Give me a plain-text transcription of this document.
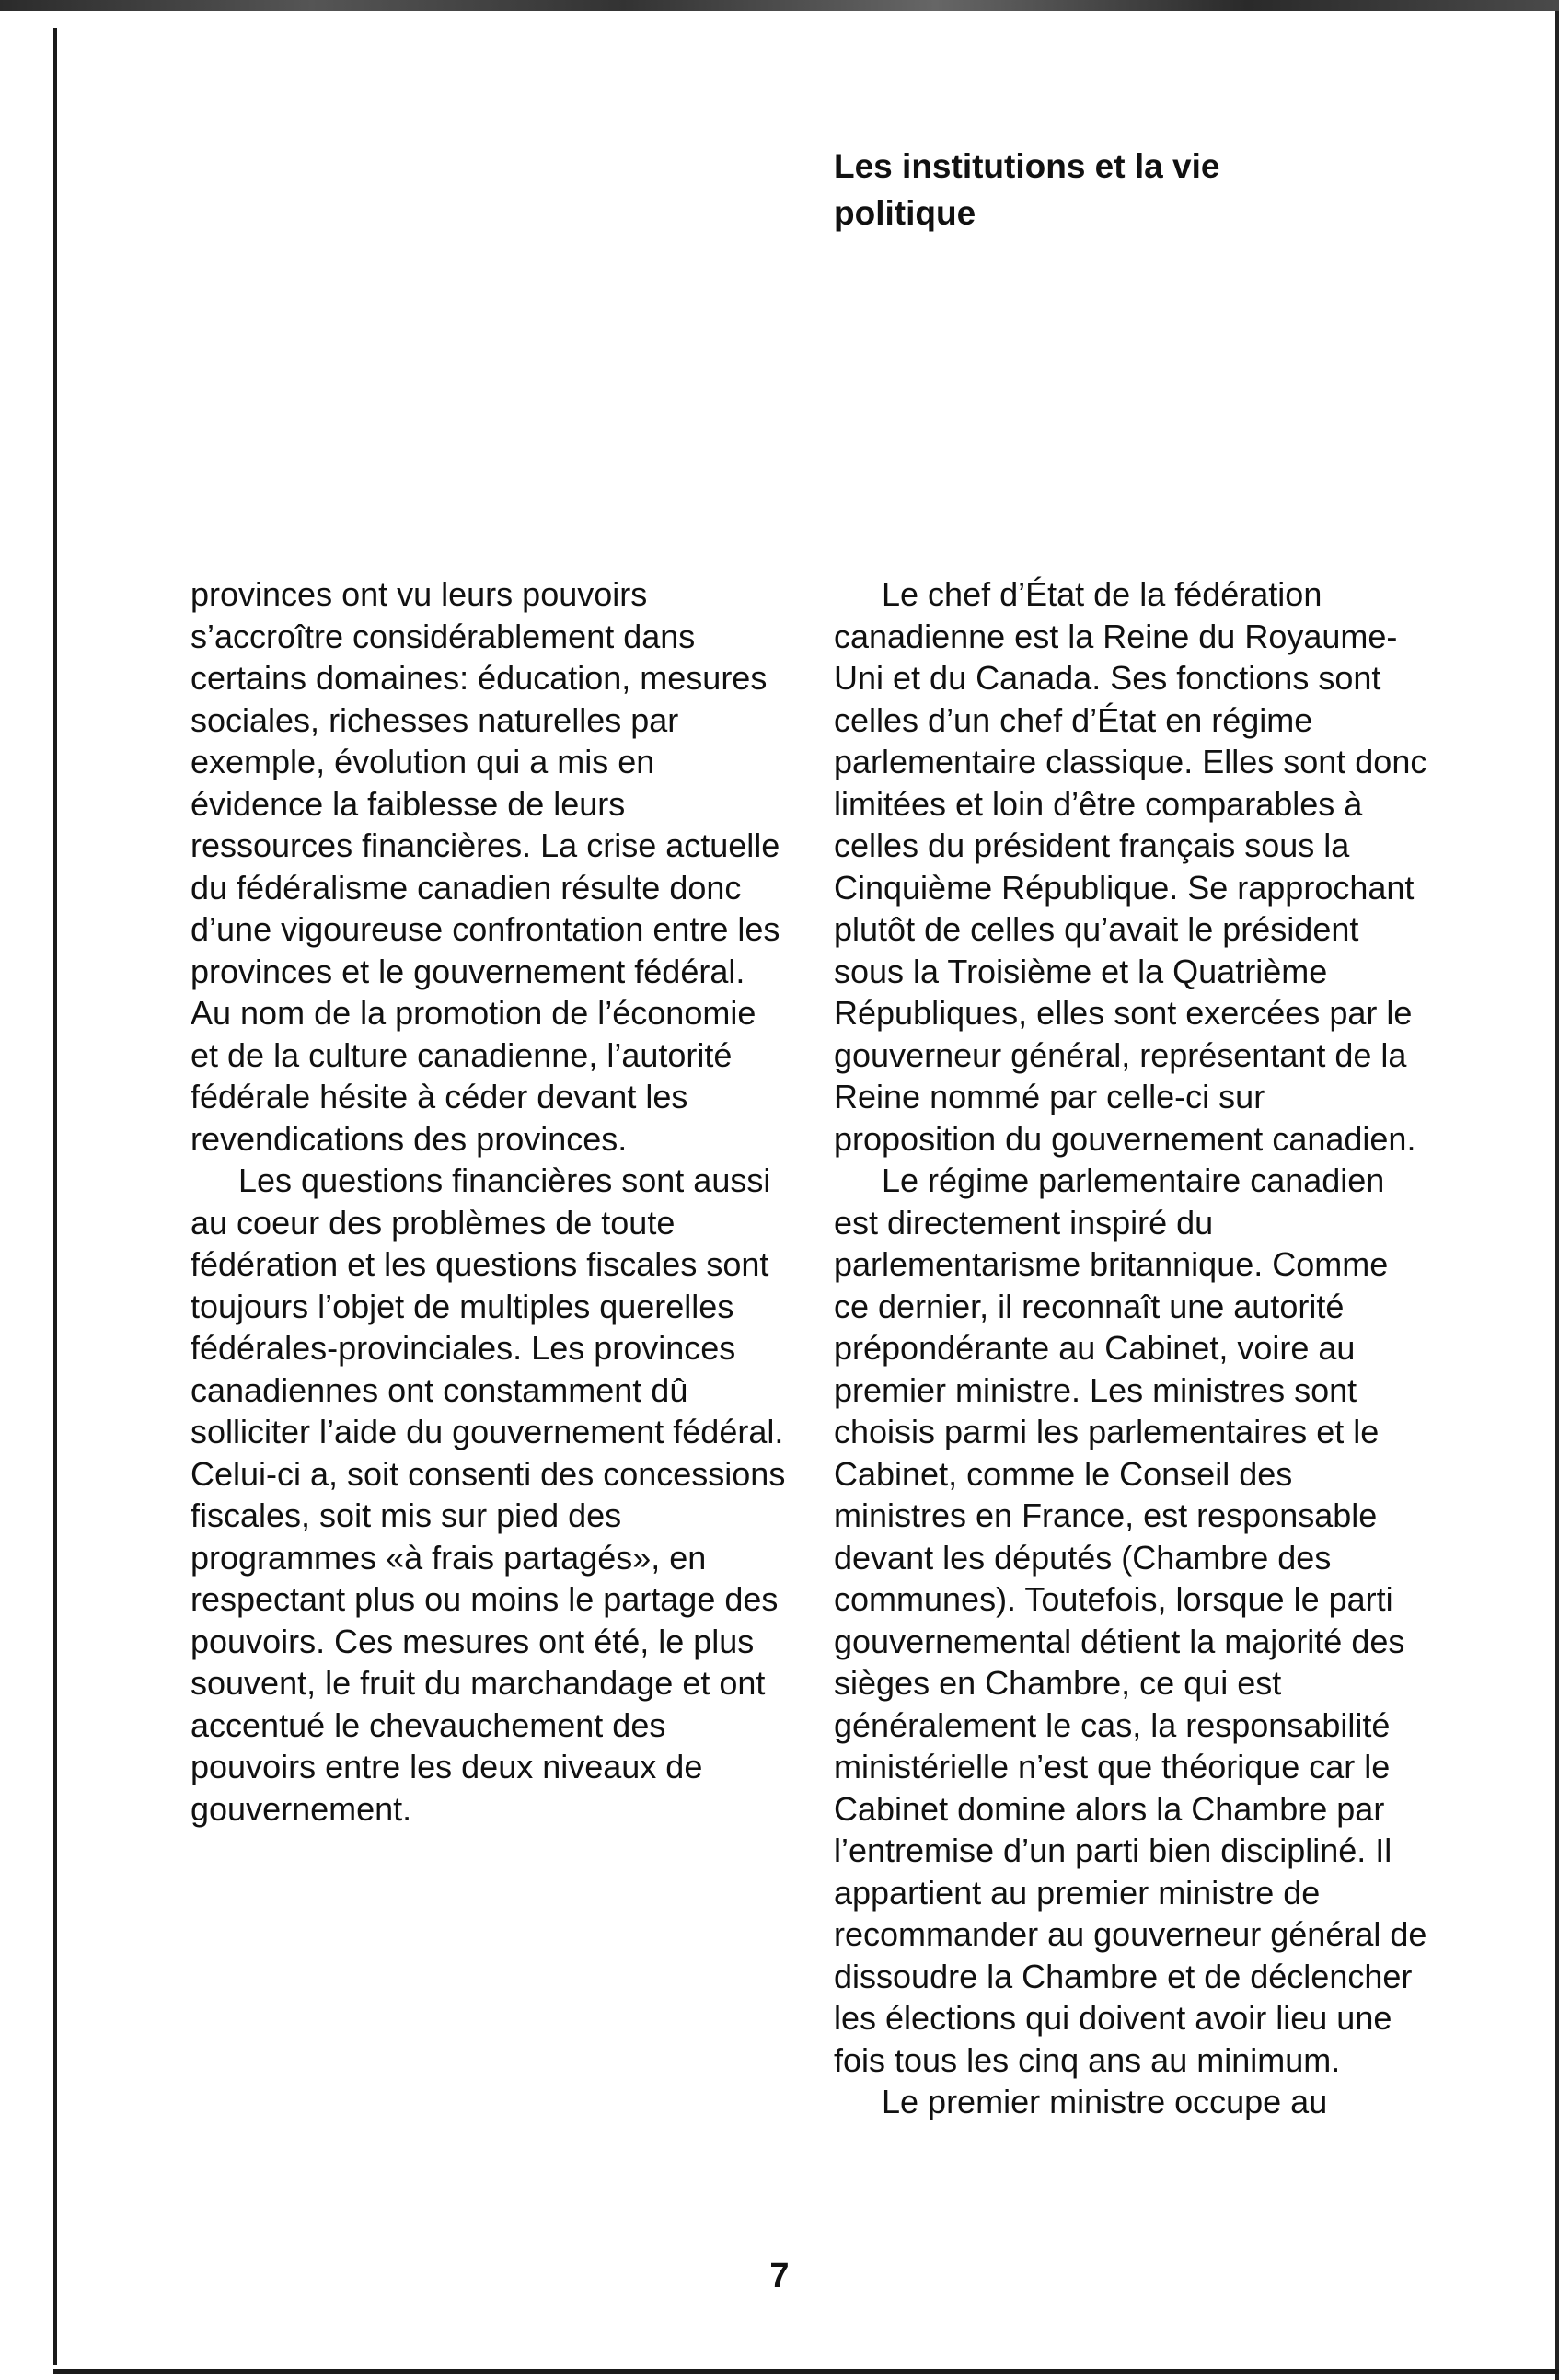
Les institutions et la vie politique

provinces ont vu leurs pouvoirs s’accroître considérablement dans certains domaines: éducation, mesures sociales, richesses naturelles par exemple, évolution qui a mis en évidence la faiblesse de leurs ressources financières. La crise actuelle du fédéralisme canadien résulte donc d’une vigoureuse confrontation entre les provinces et le gouvernement fédéral. Au nom de la promotion de l’économie et de la culture canadienne, l’autorité fédérale hésite à céder devant les revendications des provinces.

Les questions financières sont aussi au coeur des problèmes de toute fédération et les questions fiscales sont toujours l’objet de multiples querelles fédérales-provinciales. Les provinces canadiennes ont constamment dû solliciter l’aide du gouvernement fédéral. Celui-ci a, soit consenti des concessions fiscales, soit mis sur pied des programmes «à frais partagés», en respectant plus ou moins le partage des pouvoirs. Ces mesures ont été, le plus souvent, le fruit du marchandage et ont accentué le chevauchement des pouvoirs entre les deux niveaux de gouvernement.

Le chef d’État de la fédération canadienne est la Reine du Royaume-Uni et du Canada. Ses fonctions sont celles d’un chef d’État en régime parlementaire classique. Elles sont donc limitées et loin d’être comparables à celles du président français sous la Cinquième République. Se rapprochant plutôt de celles qu’avait le président sous la Troisième et la Quatrième Républiques, elles sont exercées par le gouverneur général, représentant de la Reine nommé par celle-ci sur proposition du gouvernement canadien.

Le régime parlementaire canadien est directement inspiré du parlementarisme britannique. Comme ce dernier, il reconnaît une autorité prépondérante au Cabinet, voire au premier ministre. Les ministres sont choisis parmi les parlementaires et le Cabinet, comme le Conseil des ministres en France, est responsable devant les députés (Chambre des communes). Toutefois, lorsque le parti gouvernemental détient la majorité des sièges en Chambre, ce qui est généralement le cas, la responsabilité ministérielle n’est que théorique car le Cabinet domine alors la Chambre par l’entremise d’un parti bien discipliné. Il appartient au premier ministre de recommander au gouverneur général de dissoudre la Chambre et de déclencher les élections qui doivent avoir lieu une fois tous les cinq ans au minimum.

Le premier ministre occupe au

7
